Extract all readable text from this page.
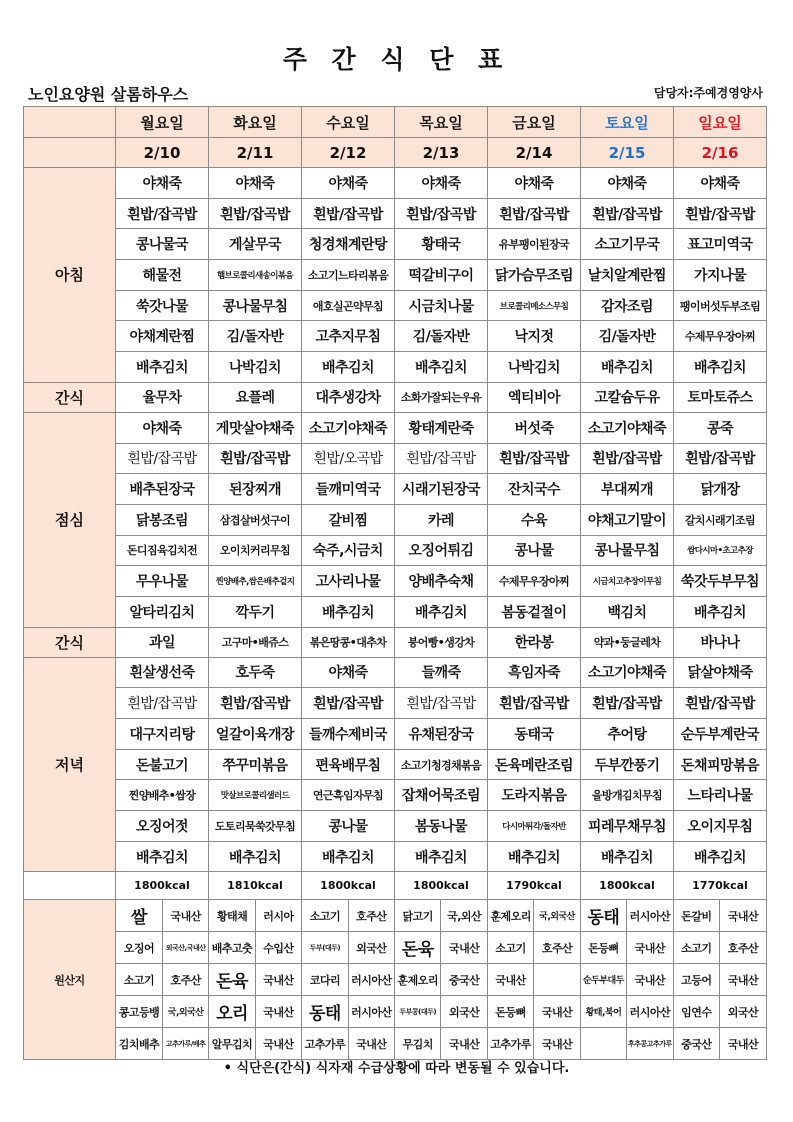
주 간 식 단 표
노인요양원 살롬하우스	담당자:주예경영양사
	월요일	화요일	수요일	목요일	금요일	토요일	일요일
	2/10	2/11	2/12	2/13	2/14	2/15	2/16
아침	야채죽	야채죽	야채죽	야채죽	야채죽	야채죽	야채죽
흰밥/잡곡밥	흰밥/잡곡밥	흰밥/잡곡밥	흰밥/잡곡밥	흰밥/잡곡밥	흰밥/잡곡밥	흰밥/잡곡밥
콩나물국	게살무국	청경채계란탕	황태국	유부팽이된장국	소고기무국	표고미역국
해물전	햄브로콜리새송이볶음	소고기느타리볶음	떡갈비구이	닭가슴무조림	날치알계란찜	가지나물
쑥갓나물	콩나물무침	애호실곤약무침	시금치나물	브로콜리메소스무침	감자조림	팽이버섯두부조림
야채계란찜	김/돌자반	고추지무침	김/돌자반	낙지젓	김/돌자반	수제무우장아찌
배추김치	나박김치	배추김치	배추김치	나박김치	배추김치	배추김치
간식	율무차	요플레	대추생강차	소화가잘되는우유	엑티비아	고칼슘두유	토마토쥬스
점심	야채죽	게맛살야채죽	소고기야채죽	황태계란죽	버섯죽	소고기야채죽	콩죽
흰밥/잡곡밥	흰밥/잡곡밥	흰밥/오곡밥	흰밥/잡곡밥	흰밥/잡곡밥	흰밥/잡곡밥	흰밥/잡곡밥
배추된장국	된장찌개	들깨미역국	시래기된장국	잔치국수	부대찌개	닭개장
닭봉조림	삼겹살버섯구이	갈비찜	카레	수육	야채고기말이	갈치시래기조림
돈디짐육김치전	오이치커리무침	숙주,시금치	오징어튀김	콩나물	콩나물무침	쌈다시마•초고추장
무우나물	찐양배추,쌈은배추겉지	고사리나물	양배추숙채	수제무우장아찌	시금치고추장이무침	쑥갓두부무침
알타리김치	깍두기	배추김치	배추김치	봄동겉절이	백김치	배추김치
간식	과일	고구마•배쥬스	볶은땅콩•대추차	붕어빵•생강차	한라봉	약과•둥글레차	바나나
저녁	흰살생선죽	호두죽	야채죽	들깨죽	흑임자죽	소고기야채죽	닭살야채죽
흰밥/잡곡밥	흰밥/잡곡밥	흰밥/잡곡밥	흰밥/잡곡밥	흰밥/잡곡밥	흰밥/잡곡밥	흰밥/잡곡밥
대구지리탕	얼갈이육개장	들깨수제비국	유채된장국	동태국	추어탕	순두부계란국
돈불고기	쭈꾸미볶음	편육배무침	소고기청경채볶음	돈육메란조림	두부깐풍기	돈채피망볶음
찐양배추•쌈장	맛살브로콜리샐러드	연근흑임자무침	잡채어묵조림	도라지볶음	을방개김치무침	느타리나물
오징어젓	도토리묵쑥갓무침	콩나물	봄동나물	다시마튀각/돌자반	피레무채무침	오이지무침
배추김치	배추김치	배추김치	배추김치	배추김치	배추김치	배추김치
	1800kcal	1810kcal	1800kcal	1800kcal	1790kcal	1800kcal	1770kcal
원산지	
쌀	국내산	황태채	러시아	소고기	호주산	닭고기	국,외산	훈제오리	국,외국산	동태	러시아산	돈갈비	국내산

오징어	외국산,국내산	배추고춧	수입산	두부(대두)	외국산	돈육	국내산	소고기	호주산	돈등뼈	국내산	소고기	호주산

소고기	호주산	돈육	국내산	코다리	러시아산	훈제오리	중국산	국내산		순두부대두	국내산	고등어	국내산

콩고등뱅	국,외국산	오리	국내산	동태	러시아산	두부콩(대두)	외국산	돈등뼈	국내산	황태,북어	러시아산	임연수	외국산

김치배추	고추가루/배추	알무김치	국내산	고추가루	국내산	무김치	국내산	고추가루	국내산		후추콩고추가루	중국산	국내산
• 식단은(간식) 식자재 수급상황에 따라 변동될 수 있습니다.
